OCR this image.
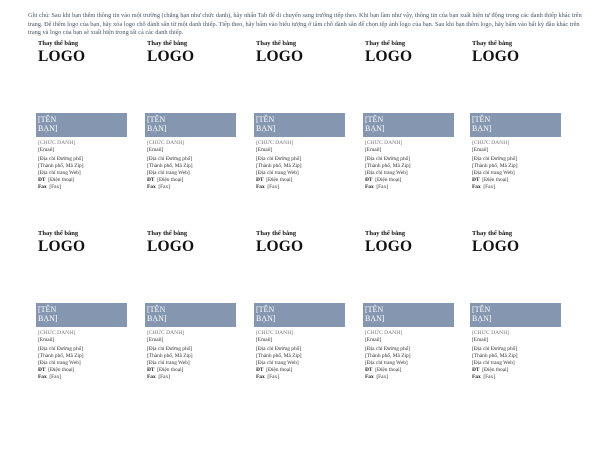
Ghi chú: Sau khi bạn thêm thông tin vào một trường (chẳng hạn như chức danh), hãy nhấn Tab để di chuyển sang trường tiếp theo. Khi bạn làm như vậy, thông tin của bạn xuất hiện tự động trong các danh thiếp khác trên trang. Để thêm logo của bạn, hãy xóa logo chỗ dành sẵn từ một danh thiếp. Tiếp theo, hãy bấm vào biểu tượng ở tâm chỗ dành sẵn để chọn tệp ảnh logo của bạn. Sau khi bạn thêm logo, hãy bấm vào bất kỳ đâu khác trên trang và logo của bạn sẽ xuất hiện trong tất cả các danh thiếp.
Thay thế bằng
LOGO
[TÊN
BẠN]
[CHỨC DANH]
[Email]
[Địa chỉ Đường phố]
[Thành phố, Mã Zip]
[Địa chỉ trang Web]
ĐT [Điện thoại]
Fax [Fax]
Thay thế bằng
LOGO
[TÊN
BẠN]
[CHỨC DANH]
[Email]
[Địa chỉ Đường phố]
[Thành phố, Mã Zip]
[Địa chỉ trang Web]
ĐT [Điện thoại]
Fax [Fax]
Thay thế bằng
LOGO
[TÊN
BẠN]
[CHỨC DANH]
[Email]
[Địa chỉ Đường phố]
[Thành phố, Mã Zip]
[Địa chỉ trang Web]
ĐT [Điện thoại]
Fax [Fax]
Thay thế bằng
LOGO
[TÊN
BẠN]
[CHỨC DANH]
[Email]
[Địa chỉ Đường phố]
[Thành phố, Mã Zip]
[Địa chỉ trang Web]
ĐT [Điện thoại]
Fax [Fax]
Thay thế bằng
LOGO
[TÊN
BẠN]
[CHỨC DANH]
[Email]
[Địa chỉ Đường phố]
[Thành phố, Mã Zip]
[Địa chỉ trang Web]
ĐT [Điện thoại]
Fax [Fax]
Thay thế bằng
LOGO
[TÊN
BẠN]
[CHỨC DANH]
[Email]
[Địa chỉ Đường phố]
[Thành phố, Mã Zip]
[Địa chỉ trang Web]
ĐT [Điện thoại]
Fax [Fax]
Thay thế bằng
LOGO
[TÊN
BẠN]
[CHỨC DANH]
[Email]
[Địa chỉ Đường phố]
[Thành phố, Mã Zip]
[Địa chỉ trang Web]
ĐT [Điện thoại]
Fax [Fax]
Thay thế bằng
LOGO
[TÊN
BẠN]
[CHỨC DANH]
[Email]
[Địa chỉ Đường phố]
[Thành phố, Mã Zip]
[Địa chỉ trang Web]
ĐT [Điện thoại]
Fax [Fax]
Thay thế bằng
LOGO
[TÊN
BẠN]
[CHỨC DANH]
[Email]
[Địa chỉ Đường phố]
[Thành phố, Mã Zip]
[Địa chỉ trang Web]
ĐT [Điện thoại]
Fax [Fax]
Thay thế bằng
LOGO
[TÊN
BẠN]
[CHỨC DANH]
[Email]
[Địa chỉ Đường phố]
[Thành phố, Mã Zip]
[Địa chỉ trang Web]
ĐT [Điện thoại]
Fax [Fax]
